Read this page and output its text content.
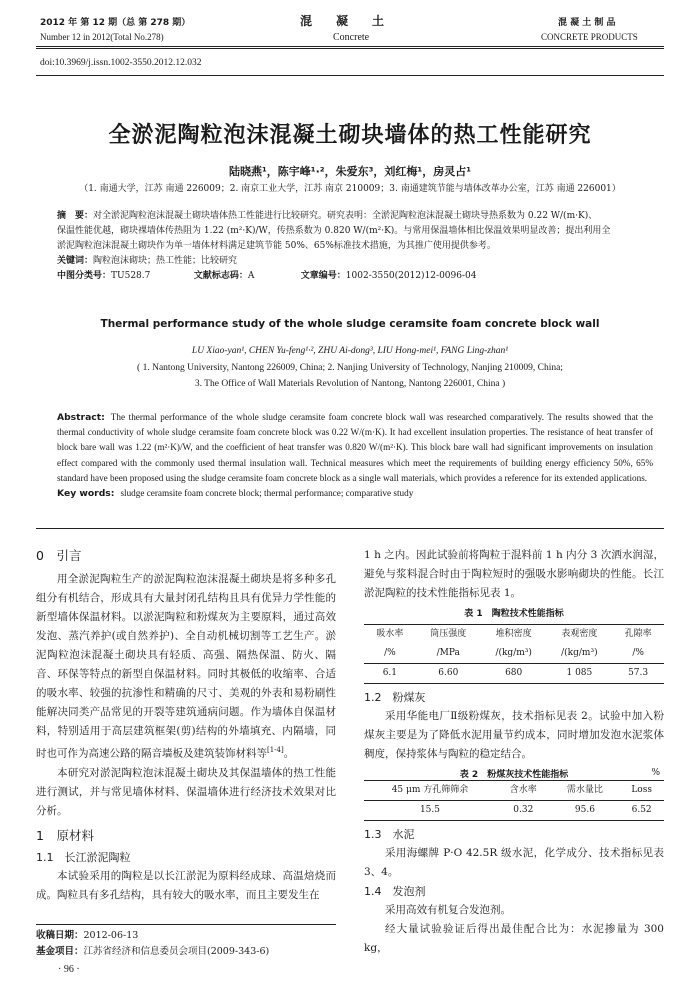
2012 年 第 12 期（总 第 278 期）
Number 12 in 2012(Total No.278)
混　　凝　　土
Concrete
混 凝 土 制 品
CONCRETE PRODUCTS
doi:10.3969/j.issn.1002-3550.2012.12.032
全淤泥陶粒泡沫混凝土砌块墙体的热工性能研究
陆晓燕¹，陈宇峰¹·²，朱爱东³，刘红梅¹，房灵占¹
（1. 南通大学，江苏 南通 226009；2. 南京工业大学，江苏 南京 210009；3. 南通建筑节能与墙体改革办公室，江苏 南通 226001）
摘　要：对全淤泥陶粒泡沫混凝土砌块墙体热工性能进行比较研究。研究表明：全淤泥陶粒泡沫混凝土砌块导热系数为 0.22 W/(m·K)、
保温性能优越，砌块裸墙体传热阻为 1.22 (m²·K)/W，传热系数为 0.820 W/(m²·K)。与常用保温墙体相比保温效果明显改善；提出利用全
淤泥陶粒泡沫混凝土砌块作为单一墙体材料满足建筑节能 50%、65%标准技术措施，为其推广使用提供参考。
关键词：陶粒泡沫砌块；热工性能；比较研究
中图分类号：TU528.7	文献标志码：A	文章编号：1002-3550(2012)12-0096-04
Thermal performance study of the whole sludge ceramsite foam concrete block wall
LU Xiao-yan¹, CHEN Yu-feng¹·², ZHU Ai-dong³, LIU Hong-mei¹, FANG Ling-zhan¹
( 1. Nantong University, Nantong 226009, China; 2. Nanjing University of Technology, Nanjing 210009, China;
3. The Office of Wall Materials Revolution of Nantong, Nantong 226001, China )
Abstract: The thermal performance of the whole sludge ceramsite foam concrete block wall was researched comparatively. The results showed that the thermal conductivity of whole sludge ceramsite foam concrete block was 0.22 W/(m·K). It had excellent insulation properties. The resistance of heat transfer of block bare wall was 1.22 (m²·K)/W, and the coefficient of heat transfer was 0.820 W/(m²·K). This block bare wall had significant improvements on insulation effect compared with the commonly used thermal insulation wall. Technical measures which meet the requirements of building energy efficiency 50%, 65% standard have been proposed using the sludge ceramsite foam concrete block as a single wall materials, which provides a reference for its extended applications.
Key words: sludge ceramsite foam concrete block; thermal performance; comparative study
0　引言

用全淤泥陶粒生产的淤泥陶粒泡沫混凝土砌块是将多种多孔组分有机结合，形成具有大量封闭孔结构且具有优异力学性能的新型墙体保温材料。以淤泥陶粒和粉煤灰为主要原料，通过高效发泡、蒸汽养护(或自然养护)、全自动机械切割等工艺生产。淤泥陶粒泡沫混凝土砌块具有轻质、高强、隔热保温、防火、隔音、环保等特点的新型自保温材料。同时其极低的收缩率、合适的吸水率、较强的抗渗性和精确的尺寸、美观的外表和易粉刷性能解决同类产品常见的开裂等建筑通病问题。作为墙体自保温材料，特别适用于高层建筑框架(剪)结构的外墙填充、内隔墙，同时也可作为高速公路的隔音墙板及建筑装饰材料等[1-4]。

本研究对淤泥陶粒泡沫混凝土砌块及其保温墙体的热工性能进行测试，并与常见墙体材料、保温墙体进行经济技术效果对比分析。

1　原材料
1.1　长江淤泥陶粒

本试验采用的陶粒是以长江淤泥为原料经成球、高温焙烧而成。陶粒具有多孔结构，具有较大的吸水率，而且主要发生在

收稿日期：2012-06-13
基金项目：江苏省经济和信息委员会项目(2009-343-6)
· 96 ·

1 h 之内。因此试验前将陶粒于混料前 1 h 内分 3 次洒水润湿，避免与浆料混合时由于陶粒短时的强吸水影响砌块的性能。长江淤泥陶粒的技术性能指标见表 1。

表 1　陶粒技术性能指标
吸水率	筒压强度	堆积密度	表观密度	孔隙率
/%	/MPa	/(kg/m³)	/(kg/m³)	/%
6.1	6.60	680	1 085	57.3
1.2　粉煤灰

采用华能电厂Ⅱ级粉煤灰，技术指标见表 2。试验中加入粉煤灰主要是为了降低水泥用量节约成本，同时增加发泡水泥浆体稠度，保持浆体与陶粒的稳定结合。

表 2　粉煤灰技术性能指标	%
45 μm 方孔筛筛余	含水率	需水量比	Loss
15.5	0.32	95.6	6.52
1.3　水泥

采用海螺牌 P·O 42.5R 级水泥，化学成分、技术指标见表 3、4。

1.4　发泡剂

采用高效有机复合发泡剂。

经大量试验验证后得出最佳配合比为：水泥掺量为 300 kg，
